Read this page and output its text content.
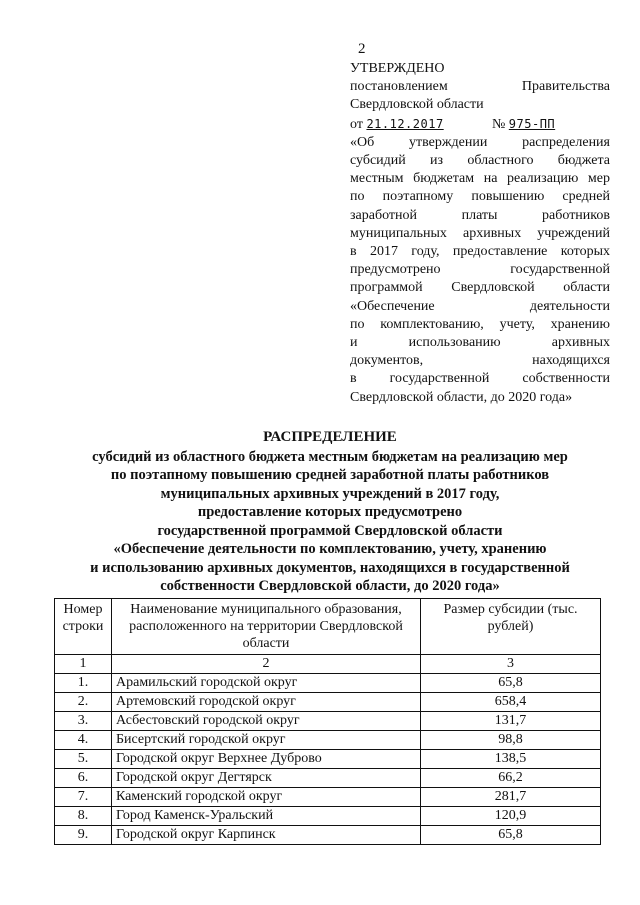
2
УТВЕРЖДЕНО
постановлением	Правительства
Свердловской области
от 21.12.2017	№ 975-ПП
«Об утверждении распределения
субсидий из областного бюджета
местным бюджетам на реализацию мер
по поэтапному повышению средней
заработной платы работников
муниципальных архивных учреждений
в 2017 году, предоставление которых
предусмотрено государственной
программой Свердловской области
«Обеспечение деятельности
по комплектованию, учету, хранению
и использованию архивных
документов, находящихся
в государственной собственности
Свердловской области, до 2020 года»
РАСПРЕДЕЛЕНИЕ
субсидий из областного бюджета местным бюджетам на реализацию мер
по поэтапному повышению средней заработной платы работников
муниципальных архивных учреждений в 2017 году,
предоставление которых предусмотрено
государственной программой Свердловской области
«Обеспечение деятельности по комплектованию, учету, хранению
и использованию архивных документов, находящихся в государственной
собственности Свердловской области, до 2020 года»
Номер строки	Наименование муниципального образования, расположенного на территории Свердловской области	Размер субсидии (тыс. рублей)
1	2	3
1.	Арамильский городской округ	65,8
2.	Артемовский городской округ	658,4
3.	Асбестовский городской округ	131,7
4.	Бисертский городской округ	98,8
5.	Городской округ Верхнее Дуброво	138,5
6.	Городской округ Дегтярск	66,2
7.	Каменский городской округ	281,7
8.	Город Каменск-Уральский	120,9
9.	Городской округ Карпинск	65,8
